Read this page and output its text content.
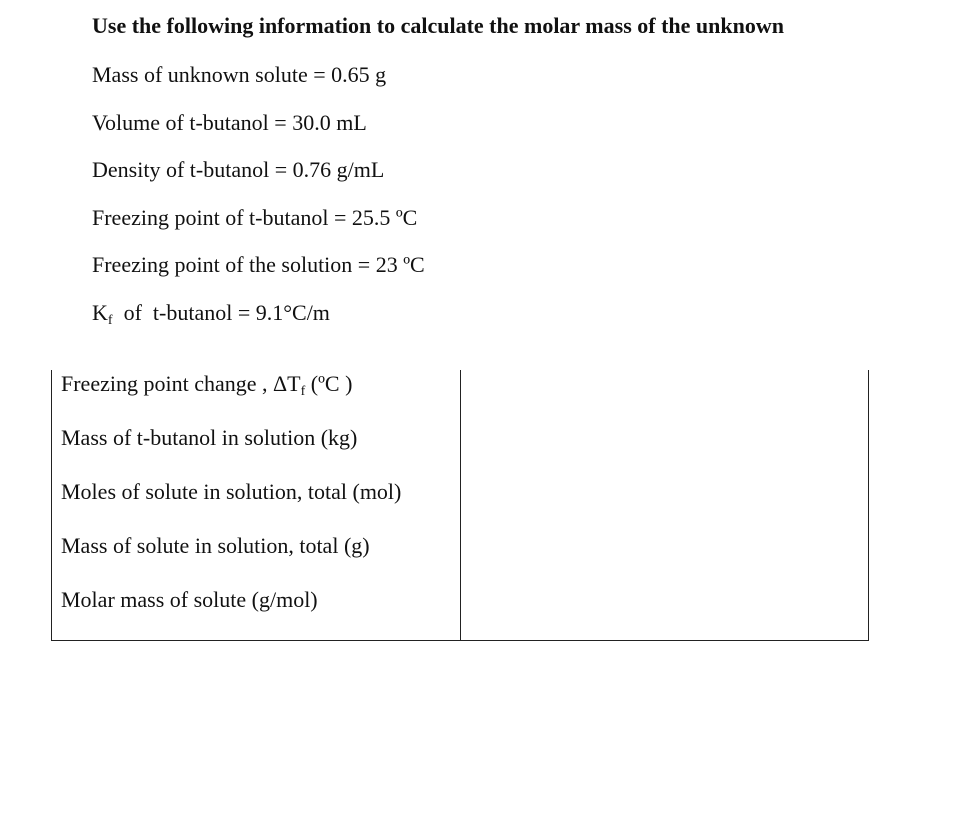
Use the following information to calculate the molar mass of the unknown
Mass of unknown solute = 0.65 g
Volume of t-butanol = 30.0 mL
Density of t-butanol = 0.76 g/mL
Freezing point of t-butanol = 25.5 ºC
Freezing point of the solution = 23 ºC
$K_f$  of  t-butanol = 9.1°C/m
Freezing point change , $\Delta T_f$ (ºC )	

Mass of t-butanol in solution (kg)	

Moles of solute in solution, total (mol)	

Mass of solute in solution, total (g)	

Molar mass of solute (g/mol)	
